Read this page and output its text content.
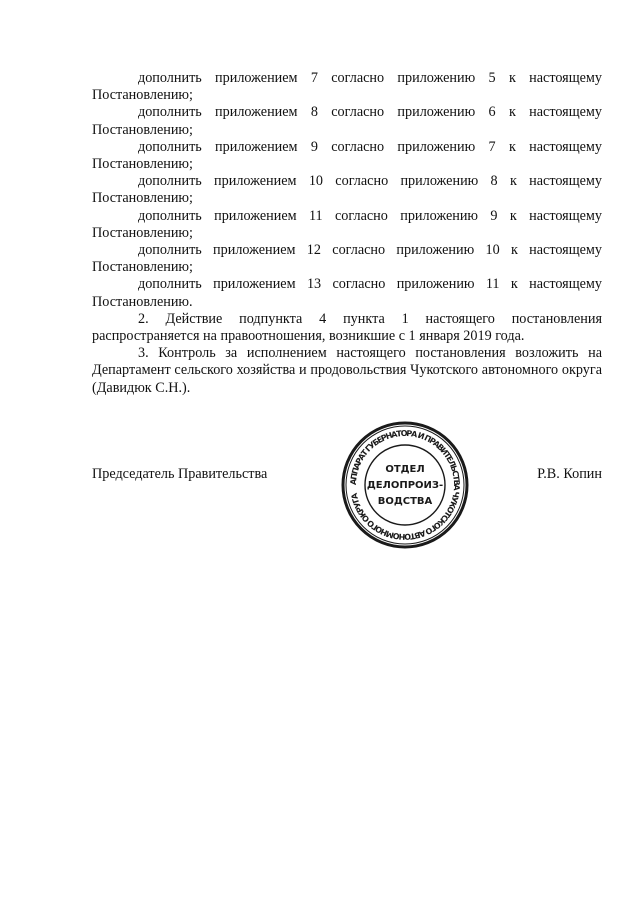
дополнить приложением 7 согласно приложению 5 к настоящему Постановлению;

дополнить приложением 8 согласно приложению 6 к настоящему Постановлению;

дополнить приложением 9 согласно приложению 7 к настоящему Постановлению;

дополнить приложением 10 согласно приложению 8 к настоящему Постановлению;

дополнить приложением 11 согласно приложению 9 к настоящему Постановлению;

дополнить приложением 12 согласно приложению 10 к настоящему Постановлению;

дополнить приложением 13 согласно приложению 11 к настоящему Постановлению.

2. Действие подпункта 4 пункта 1 настоящего постановления распространяется на правоотношения, возникшие с 1 января 2019 года.

3. Контроль за исполнением настоящего постановления возложить на Департамент сельского хозяйства и продовольствия Чукотского автономного округа (Давидюк С.Н.).

Председатель Правительства	Р.В. Копин
АППАРАТ ГУБЕРНАТОРА И ПРАВИТЕЛЬСТВА ЧУКОТСКОГО АВТОНОМНОГО ОКРУГА
ОТДЕЛ
ДЕЛОПРОИЗ-
ВОДСТВА
